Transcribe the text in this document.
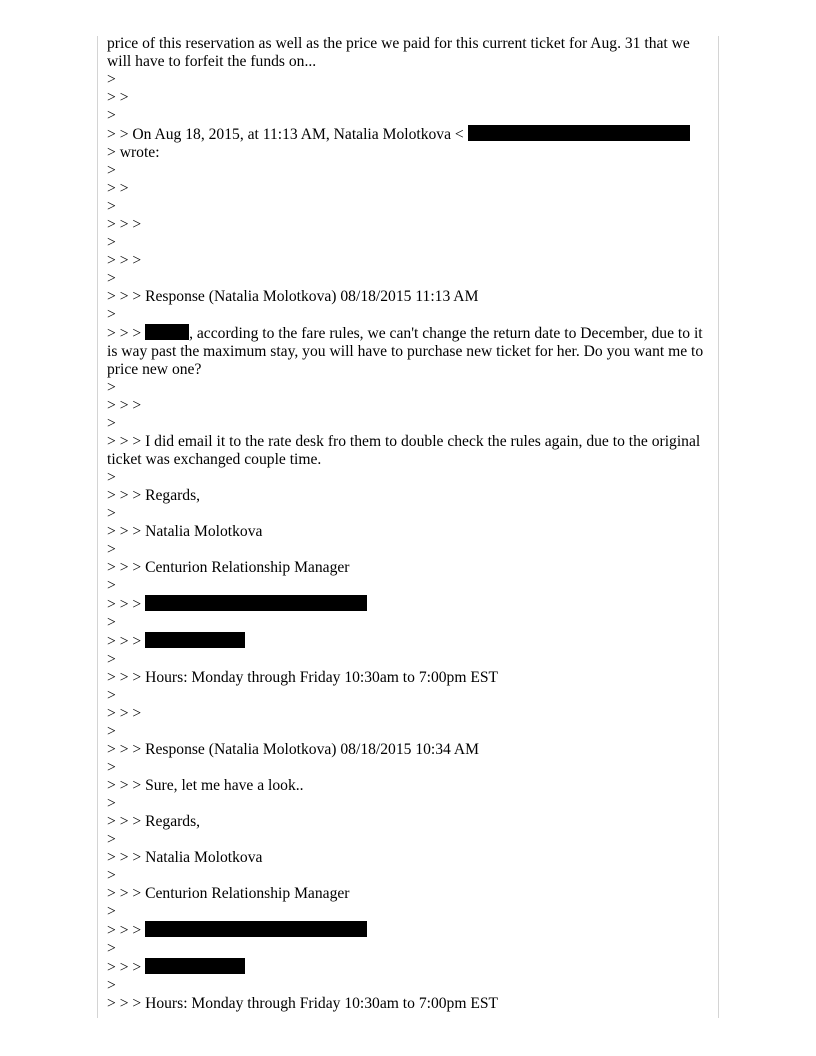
price of this reservation as well as the price we paid for this current ticket for Aug. 31 that we will have to forfeit the funds on...
>
> >
>
> > On Aug 18, 2015, at 11:13 AM, Natalia Molotkova <
> wrote:
>
> >
>
> > >
>
> > >
>
> > > Response (Natalia Molotkova) 08/18/2015 11:13 AM
>
> > >	, according to the fare rules, we can't change the return date to December, due to it is way past the maximum stay, you will have to purchase new ticket for her. Do you want me to price new one?
>
> > >
>
> > > I did email it to the rate desk fro them to double check the rules again, due to the original ticket was exchanged couple time.
>
> > > Regards,
>
> > > Natalia Molotkova
>
> > > Centurion Relationship Manager
>
> > >
>
> > >
>
> > > Hours: Monday through Friday 10:30am to 7:00pm EST
>
> > >
>
> > > Response (Natalia Molotkova) 08/18/2015 10:34 AM
>
> > > Sure, let me have a look..
>
> > > Regards,
>
> > > Natalia Molotkova
>
> > > Centurion Relationship Manager
>
> > >
>
> > >
>
> > > Hours: Monday through Friday 10:30am to 7:00pm EST
